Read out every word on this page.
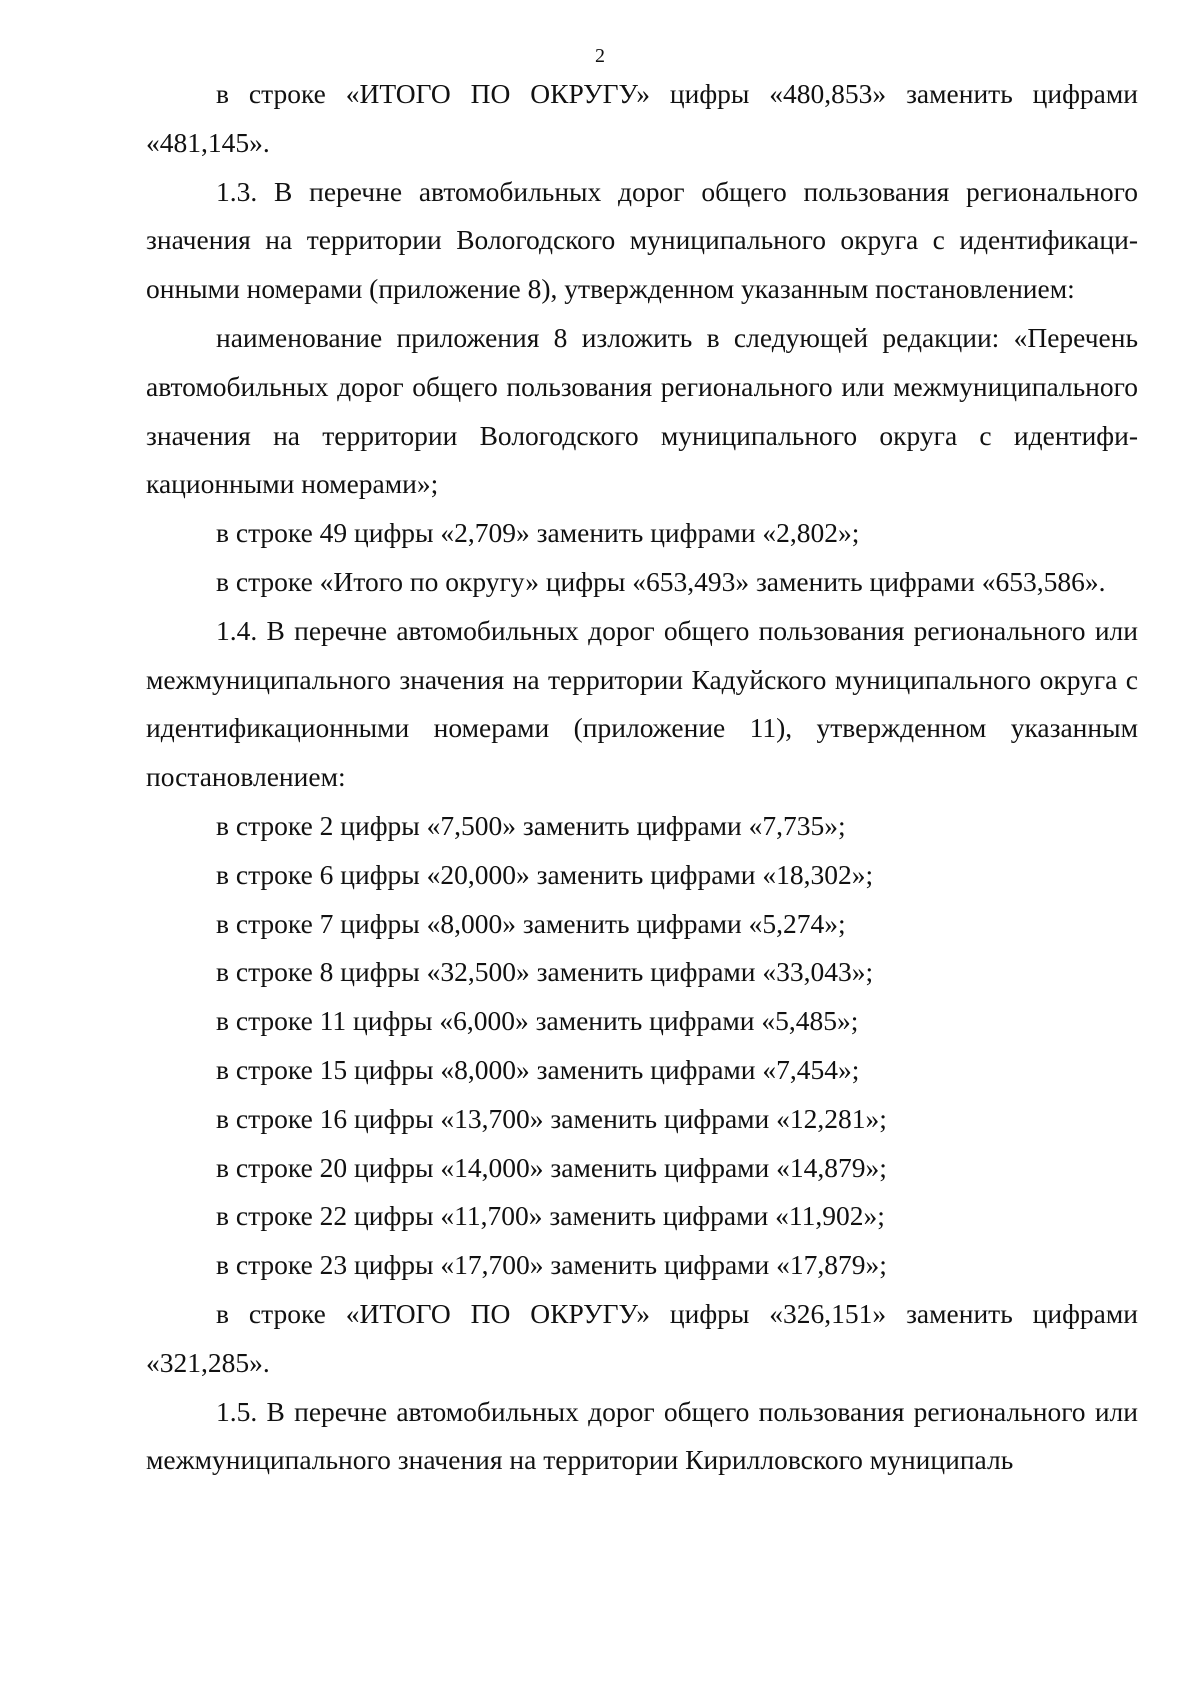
2

в строке «ИТОГО ПО ОКРУГУ» цифры «480,853» заменить цифрами «481,145».

1.3. В перечне автомобильных дорог общего пользования регионального значения на территории Вологодского муниципального округа с идентификационными номерами (приложение 8), утвержденном указанным постановлением:

наименование приложения 8 изложить в следующей редакции: «Перечень автомобильных дорог общего пользования регионального или межмуниципального значения на территории Вологодского муниципального округа с идентификационными номерами»;

в строке 49 цифры «2,709» заменить цифрами «2,802»;

в строке «Итого по округу» цифры «653,493» заменить цифрами «653,586».

1.4. В перечне автомобильных дорог общего пользования регионального или межмуниципального значения на территории Кадуйского муниципального округа с идентификационными номерами (приложение 11), утвержденном указанным постановлением:

в строке 2 цифры «7,500» заменить цифрами «7,735»;

в строке 6 цифры «20,000» заменить цифрами «18,302»;

в строке 7 цифры «8,000» заменить цифрами «5,274»;

в строке 8 цифры «32,500» заменить цифрами «33,043»;

в строке 11 цифры «6,000» заменить цифрами «5,485»;

в строке 15 цифры «8,000» заменить цифрами «7,454»;

в строке 16 цифры «13,700» заменить цифрами «12,281»;

в строке 20 цифры «14,000» заменить цифрами «14,879»;

в строке 22 цифры «11,700» заменить цифрами «11,902»;

в строке 23 цифры «17,700» заменить цифрами «17,879»;

в строке «ИТОГО ПО ОКРУГУ» цифры «326,151» заменить цифрами «321,285».

1.5. В перечне автомобильных дорог общего пользования регионального или межмуниципального значения на территории Кирилловского муниципаль
